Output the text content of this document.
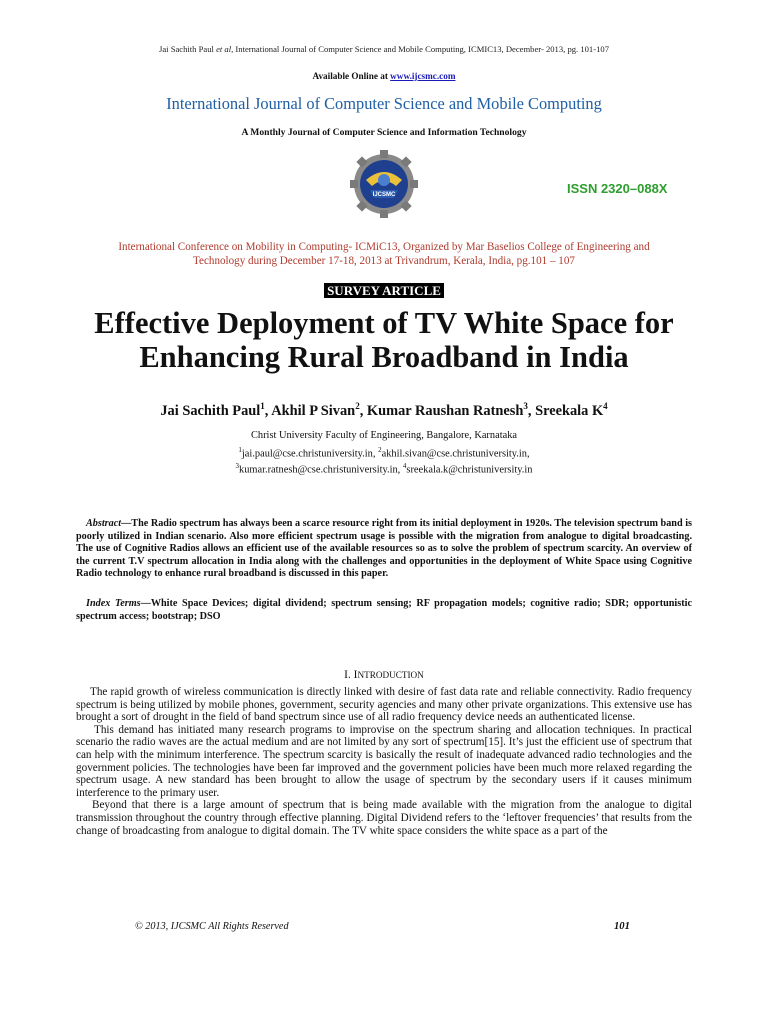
Jai Sachith Paul et al, International Journal of Computer Science and Mobile Computing, ICMIC13, December- 2013, pg. 101-107
Available Online at www.ijcsmc.com
International Journal of Computer Science and Mobile Computing
A Monthly Journal of Computer Science and Information Technology
IJCSMC	ISSN 2320–088X
International Conference on Mobility in Computing- ICMiC13, Organized by Mar Baselios College of Engineering and Technology during December 17-18, 2013 at Trivandrum, Kerala, India, pg.101 – 107
SURVEY ARTICLE
Effective Deployment of TV White Space for
Enhancing Rural Broadband in India
Jai Sachith Paul$^1$, Akhil P Sivan$^2$, Kumar Raushan Ratnesh$^3$, Sreekala $K^4$
Christ University Faculty of Engineering, Bangalore, Karnataka
$^1$jai.paul@cse.christuniversity.in, $^2$akhil.sivan@cse.christuniversity.in,
$^3$kumar.ratnesh@cse.christuniversity.in, $^4$sreekala.k@christuniversity.in
Abstract—The Radio spectrum has always been a scarce resource right from its initial deployment in 1920s. The television spectrum band is poorly utilized in Indian scenario. Also more efficient spectrum usage is possible with the migration from analogue to digital broadcasting. The use of Cognitive Radios allows an efficient use of the available resources so as to solve the problem of spectrum scarcity. An overview of the current T.V spectrum allocation in India along with the challenges and opportunities in the deployment of White Space using Cognitive Radio technology to enhance rural broadband is discussed in this paper.
Index Terms—White Space Devices; digital dividend; spectrum sensing; RF propagation models; cognitive radio; SDR; opportunistic spectrum access; bootstrap; DSO
I. INTRODUCTION

The rapid growth of wireless communication is directly linked with desire of fast data rate and reliable connectivity. Radio frequency spectrum is being utilized by mobile phones, government, security agencies and many other private organizations. This extensive use has brought a sort of drought in the field of band spectrum since use of all radio frequency device needs an authenticated license.

This demand has initiated many research programs to improvise on the spectrum sharing and allocation techniques. In practical scenario the radio waves are the actual medium and are not limited by any sort of spectrum[15]. It’s just the efficient use of spectrum that can help with the minimum interference. The spectrum scarcity is basically the result of inadequate advanced radio technologies and the government policies. The technologies have been far improved and the government policies have been much more relaxed regarding the spectrum usage. A new standard has been brought to allow the usage of spectrum by the secondary users if it causes minimum interference to the primary user.

Beyond that there is a large amount of spectrum that is being made available with the migration from the analogue to digital transmission throughout the country through effective planning. Digital Dividend refers to the ‘leftover frequencies’ that results from the change of broadcasting from analogue to digital domain. The TV white space considers the white space as a part of the

© 2013, IJCSMC All Rights Reserved	101
